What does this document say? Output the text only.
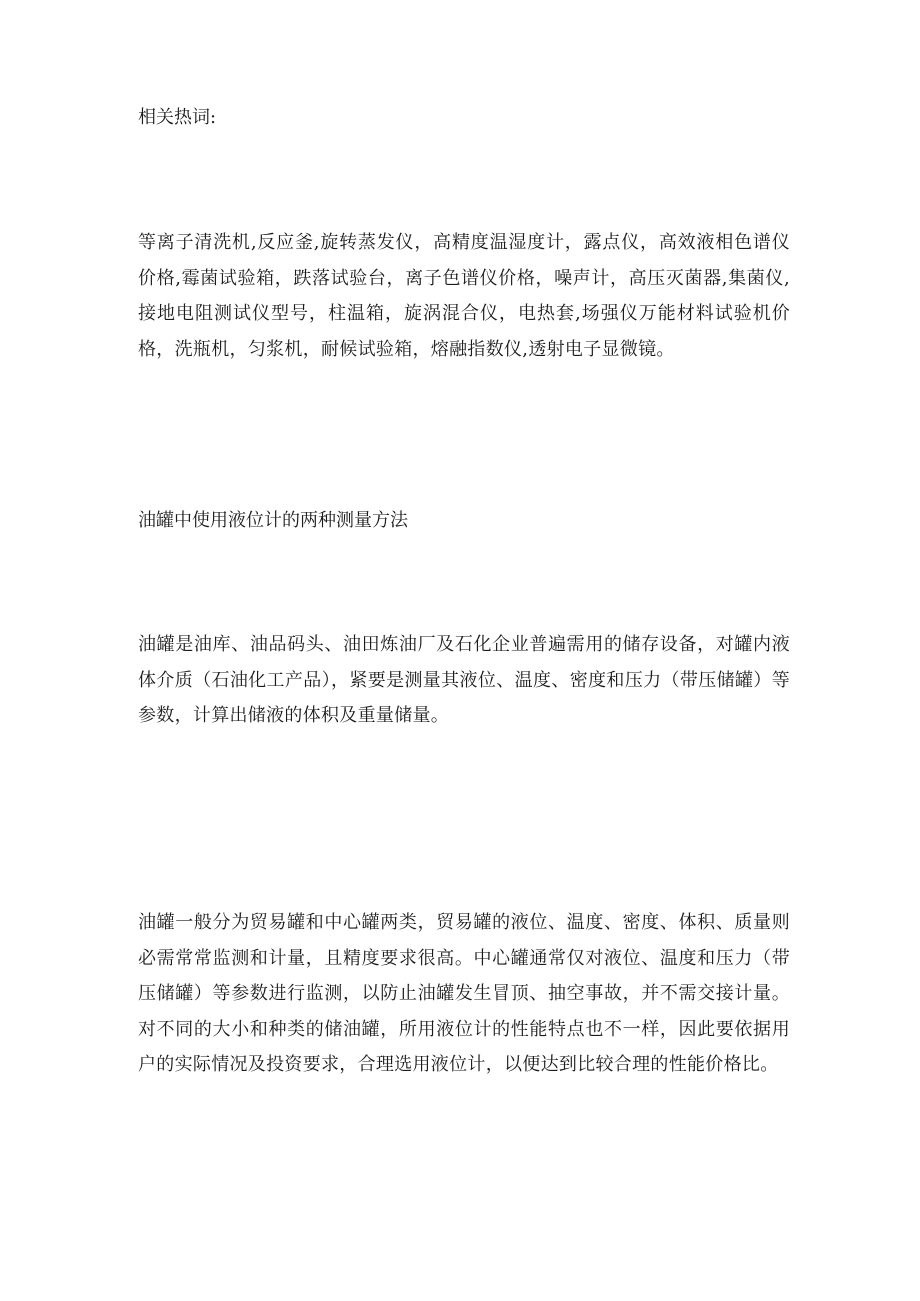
相关热词:

等离子清洗机,反应釜,旋转蒸发仪，高精度温湿度计，露点仪，高效液相色谱仪价格,霉菌试验箱，跌落试验台，离子色谱仪价格，噪声计，高压灭菌器,集菌仪,接地电阻测试仪型号，柱温箱，旋涡混合仪，电热套,场强仪万能材料试验机价格，洗瓶机，匀浆机，耐候试验箱，熔融指数仪,透射电子显微镜。

油罐中使用液位计的两种测量方法

油罐是油库、油品码头、油田炼油厂及石化企业普遍需用的储存设备，对罐内液体介质（石油化工产品），紧要是测量其液位、温度、密度和压力（带压储罐）等参数，计算出储液的体积及重量储量。

油罐一般分为贸易罐和中心罐两类，贸易罐的液位、温度、密度、体积、质量则必需常常监测和计量，且精度要求很高。中心罐通常仅对液位、温度和压力（带压储罐）等参数进行监测，以防止油罐发生冒顶、抽空事故，并不需交接计量。对不同的大小和种类的储油罐，所用液位计的性能特点也不一样，因此要依据用户的实际情况及投资要求，合理选用液位计，以便达到比较合理的性能价格比。
